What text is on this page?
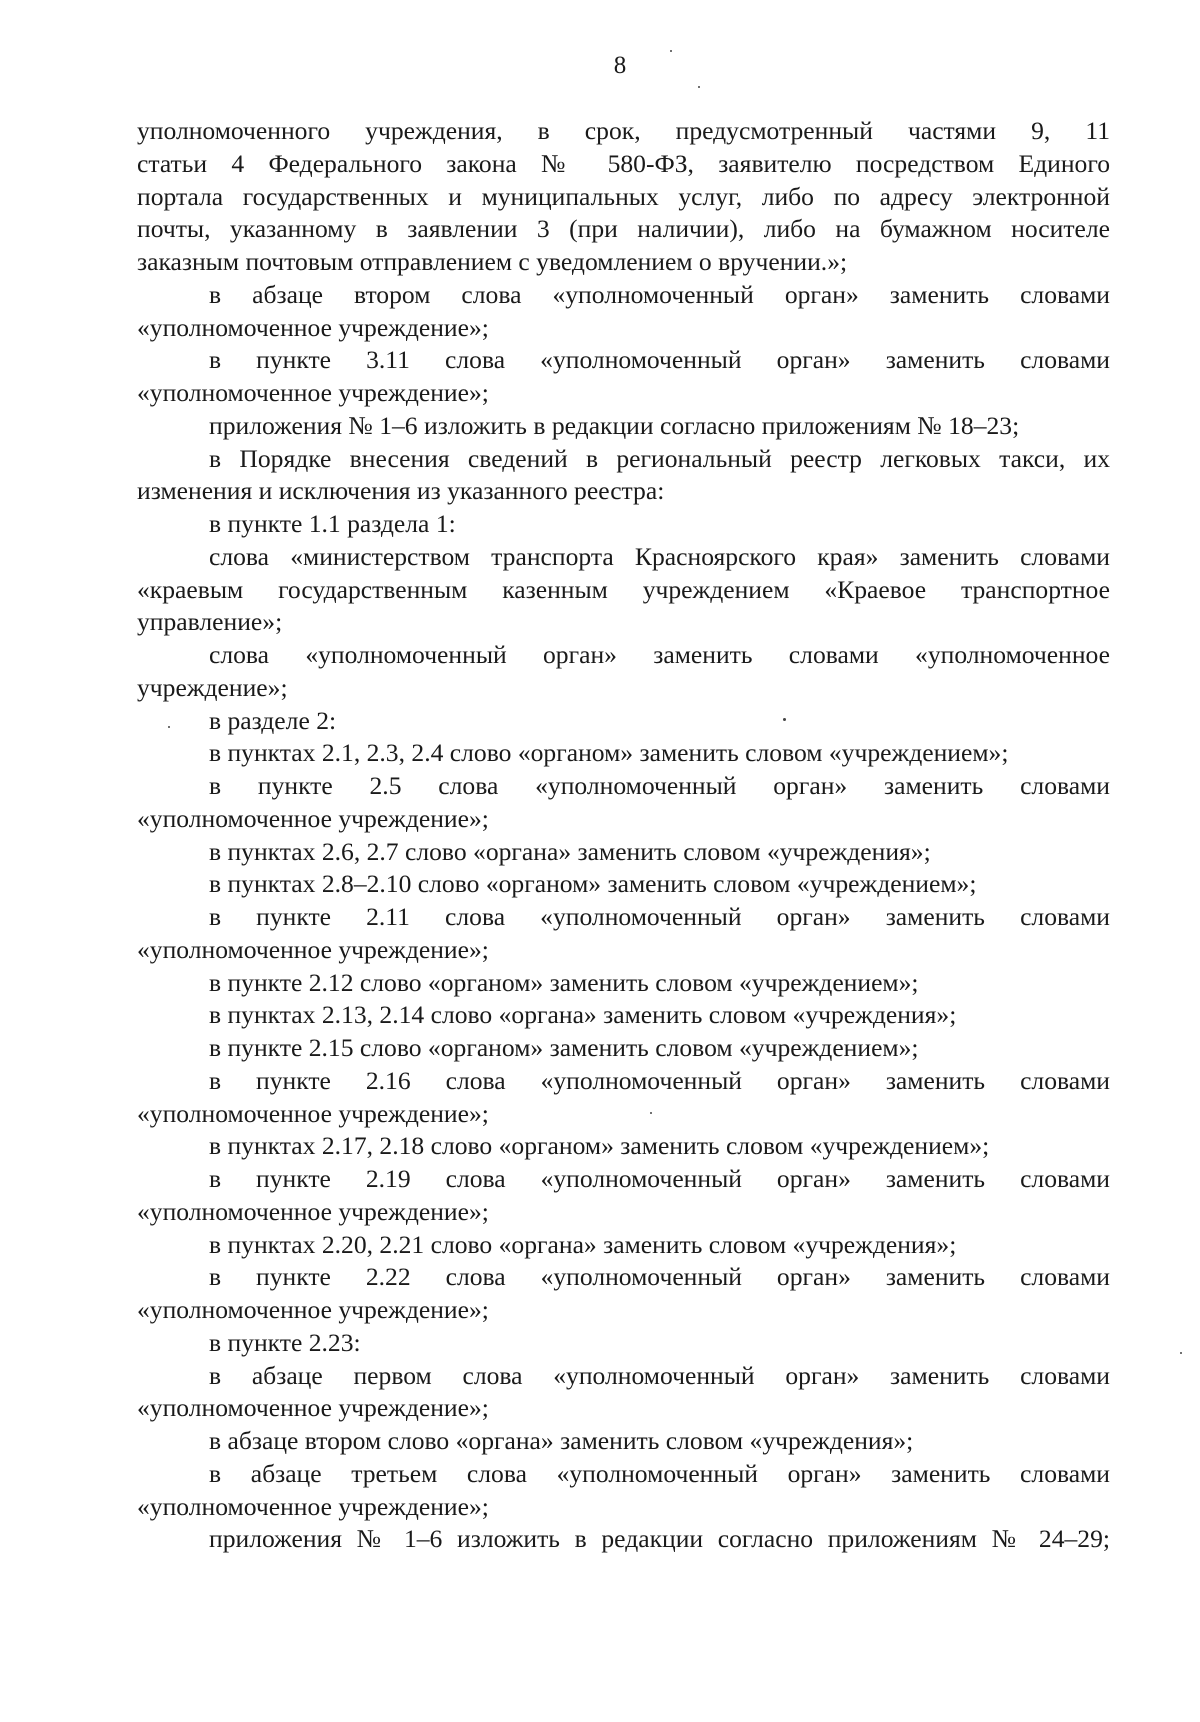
8
уполномоченного учреждения, в срок, предусмотренный частями 9, 11
статьи 4 Федерального закона № 580-ФЗ, заявителю посредством Единого
портала государственных и муниципальных услуг, либо по адресу электронной
почты, указанному в заявлении 3 (при наличии), либо на бумажном носителе
заказным почтовым отправлением с уведомлением о вручении.»;
в абзаце втором слова «уполномоченный орган» заменить словами
«уполномоченное учреждение»;
в пункте 3.11 слова «уполномоченный орган» заменить словами
«уполномоченное учреждение»;
приложения № 1–6 изложить в редакции согласно приложениям № 18–23;
в Порядке внесения сведений в региональный реестр легковых такси, их
изменения и исключения из указанного реестра:
в пункте 1.1 раздела 1:
слова «министерством транспорта Красноярского края» заменить словами
«краевым государственным казенным учреждением «Краевое транспортное
управление»;
слова «уполномоченный орган» заменить словами «уполномоченное
учреждение»;
в разделе 2:
в пунктах 2.1, 2.3, 2.4 слово «органом» заменить словом «учреждением»;
в пункте 2.5 слова «уполномоченный орган» заменить словами
«уполномоченное учреждение»;
в пунктах 2.6, 2.7 слово «органа» заменить словом «учреждения»;
в пунктах 2.8–2.10 слово «органом» заменить словом «учреждением»;
в пункте 2.11 слова «уполномоченный орган» заменить словами
«уполномоченное учреждение»;
в пункте 2.12 слово «органом» заменить словом «учреждением»;
в пунктах 2.13, 2.14 слово «органа» заменить словом «учреждения»;
в пункте 2.15 слово «органом» заменить словом «учреждением»;
в пункте 2.16 слова «уполномоченный орган» заменить словами
«уполномоченное учреждение»;
в пунктах 2.17, 2.18 слово «органом» заменить словом «учреждением»;
в пункте 2.19 слова «уполномоченный орган» заменить словами
«уполномоченное учреждение»;
в пунктах 2.20, 2.21 слово «органа» заменить словом «учреждения»;
в пункте 2.22 слова «уполномоченный орган» заменить словами
«уполномоченное учреждение»;
в пункте 2.23:
в абзаце первом слова «уполномоченный орган» заменить словами
«уполномоченное учреждение»;
в абзаце втором слово «органа» заменить словом «учреждения»;
в абзаце третьем слова «уполномоченный орган» заменить словами
«уполномоченное учреждение»;
приложения № 1–6 изложить в редакции согласно приложениям № 24–29;
